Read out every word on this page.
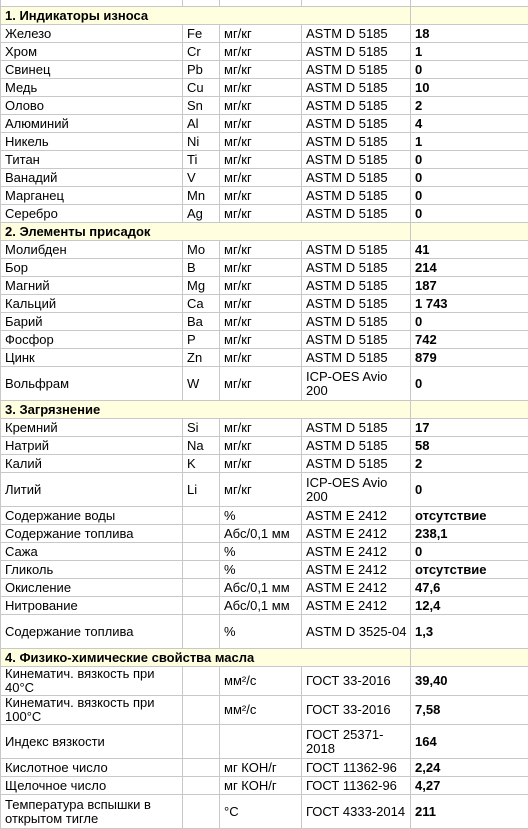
1. Индикаторы износа				
Железо	Fe	мг/кг	ASTM D 5185	18
Хром	Cr	мг/кг	ASTM D 5185	1
Свинец	Pb	мг/кг	ASTM D 5185	0
Медь	Cu	мг/кг	ASTM D 5185	10
Олово	Sn	мг/кг	ASTM D 5185	2
Алюминий	Al	мг/кг	ASTM D 5185	4
Никель	Ni	мг/кг	ASTM D 5185	1
Титан	Ti	мг/кг	ASTM D 5185	0
Ванадий	V	мг/кг	ASTM D 5185	0
Марганец	Mn	мг/кг	ASTM D 5185	0
Серебро	Ag	мг/кг	ASTM D 5185	0
2. Элементы присадок				
Молибден	Mo	мг/кг	ASTM D 5185	41
Бор	B	мг/кг	ASTM D 5185	214
Магний	Mg	мг/кг	ASTM D 5185	187
Кальций	Ca	мг/кг	ASTM D 5185	1 743
Барий	Ba	мг/кг	ASTM D 5185	0
Фосфор	P	мг/кг	ASTM D 5185	742
Цинк	Zn	мг/кг	ASTM D 5185	879
Вольфрам	W	мг/кг	ICP-OES Avio 200	0
3. Загрязнение				
Кремний	Si	мг/кг	ASTM D 5185	17
Натрий	Na	мг/кг	ASTM D 5185	58
Калий	K	мг/кг	ASTM D 5185	2
Литий	Li	мг/кг	ICP-OES Avio 200	0
Содержание воды		%	ASTM E 2412	отсутствие
Содержание топлива		Абс/0,1 мм	ASTM E 2412	238,1
Сажа		%	ASTM E 2412	0
Гликоль		%	ASTM E 2412	отсутствие
Окисление		Абс/0,1 мм	ASTM E 2412	47,6
Нитрование		Абс/0,1 мм	ASTM E 2412	12,4
Содержание топлива		%	ASTM D 3525-04	1,3
4. Физико-химические свойства масла				
Кинематич. вязкость при 40°С		мм²/с	ГОСТ 33-2016	39,40
Кинематич. вязкость при 100°С		мм²/с	ГОСТ 33-2016	7,58
Индекс вязкости			ГОСТ 25371-2018	164
Кислотное число		мг КОН/г	ГОСТ 11362-96	2,24
Щелочное число		мг КОН/г	ГОСТ 11362-96	4,27
Температура вспышки в открытом тигле		°С	ГОСТ 4333-2014	211
